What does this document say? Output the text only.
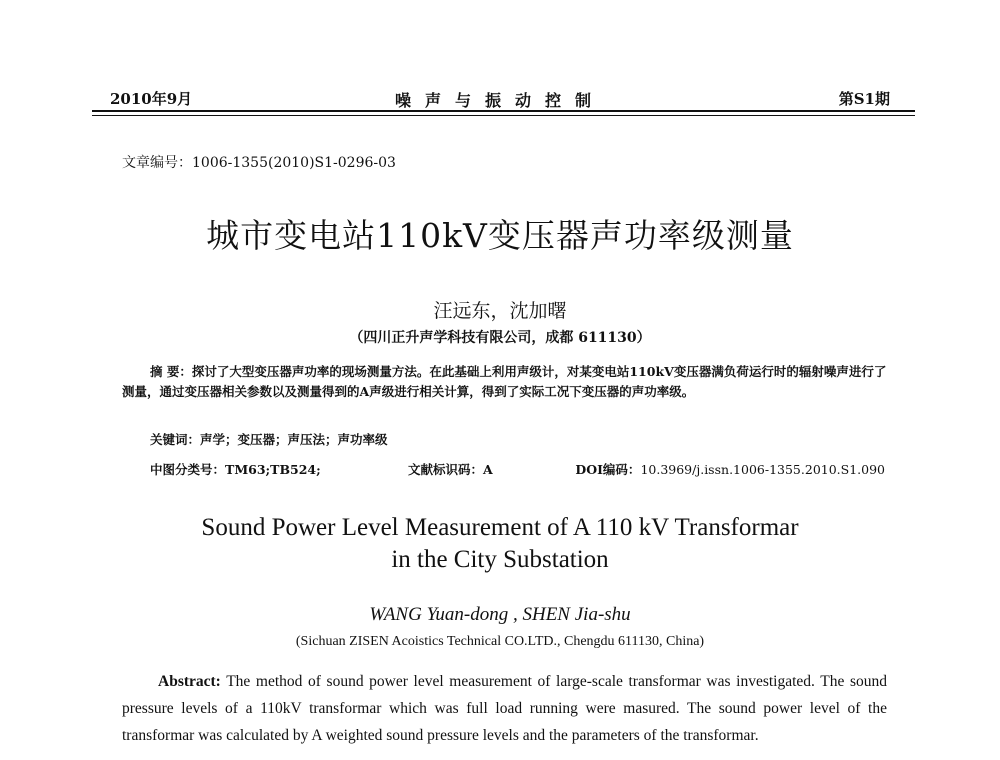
2010年9月	噪声与振动控制	第S1期
文章编号：1006-1355(2010)S1-0296-03
城市变电站110kV变压器声功率级测量
汪远东，沈加曙
（四川正升声学科技有限公司，成都 611130）
摘 要：探讨了大型变压器声功率的现场测量方法。在此基础上利用声级计，对某变电站110kV变压器满负荷运行时的辐射噪声进行了测量，通过变压器相关参数以及测量得到的A声级进行相关计算，得到了实际工况下变压器的声功率级。
关键词：声学；变压器；声压法；声功率级
中图分类号：TM63;TB524;	文献标识码：A	DOI编码：10.3969/j.issn.1006-1355.2010.S1.090
Sound Power Level Measurement of A 110 kV Transformar
in the City Substation
WANG Yuan-dong , SHEN Jia-shu
(Sichuan ZISEN Acoistics Technical CO.LTD., Chengdu 611130, China)
Abstract: The method of sound power level measurement of large-scale transformar was investigated. The sound pressure levels of a 110kV transformar which was full load running were masured. The sound power level of the transformar was calculated by A weighted sound pressure levels and the parameters of the transformar.
